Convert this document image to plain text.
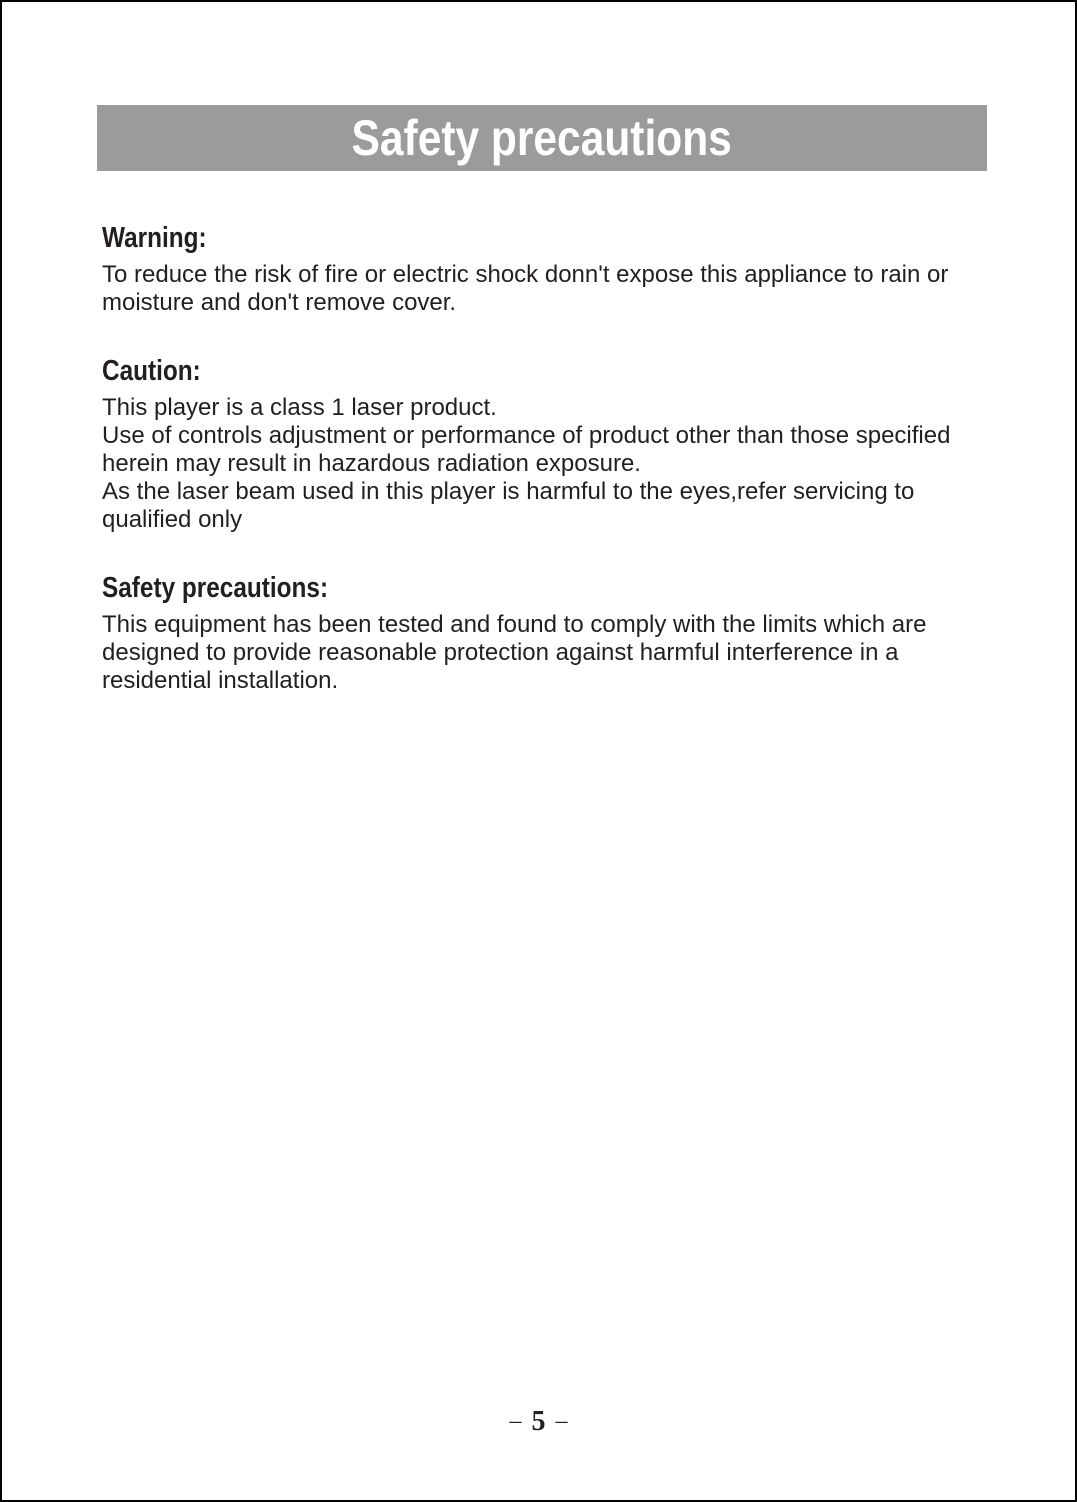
Safety precautions
Warning:

To reduce the risk of fire or electric shock donn't expose this appliance to rain or moisture and don't remove cover.

Caution:

This player is a class 1 laser product.

Use of controls adjustment or performance of product other than those specified herein may result in hazardous radiation exposure.

As the laser beam used in this player is harmful to the eyes,refer servicing to qualified only

Safety precautions:

This equipment has been tested and found to comply with the limits which are designed to provide reasonable protection against harmful interference in a residential installation.

– 5 –
